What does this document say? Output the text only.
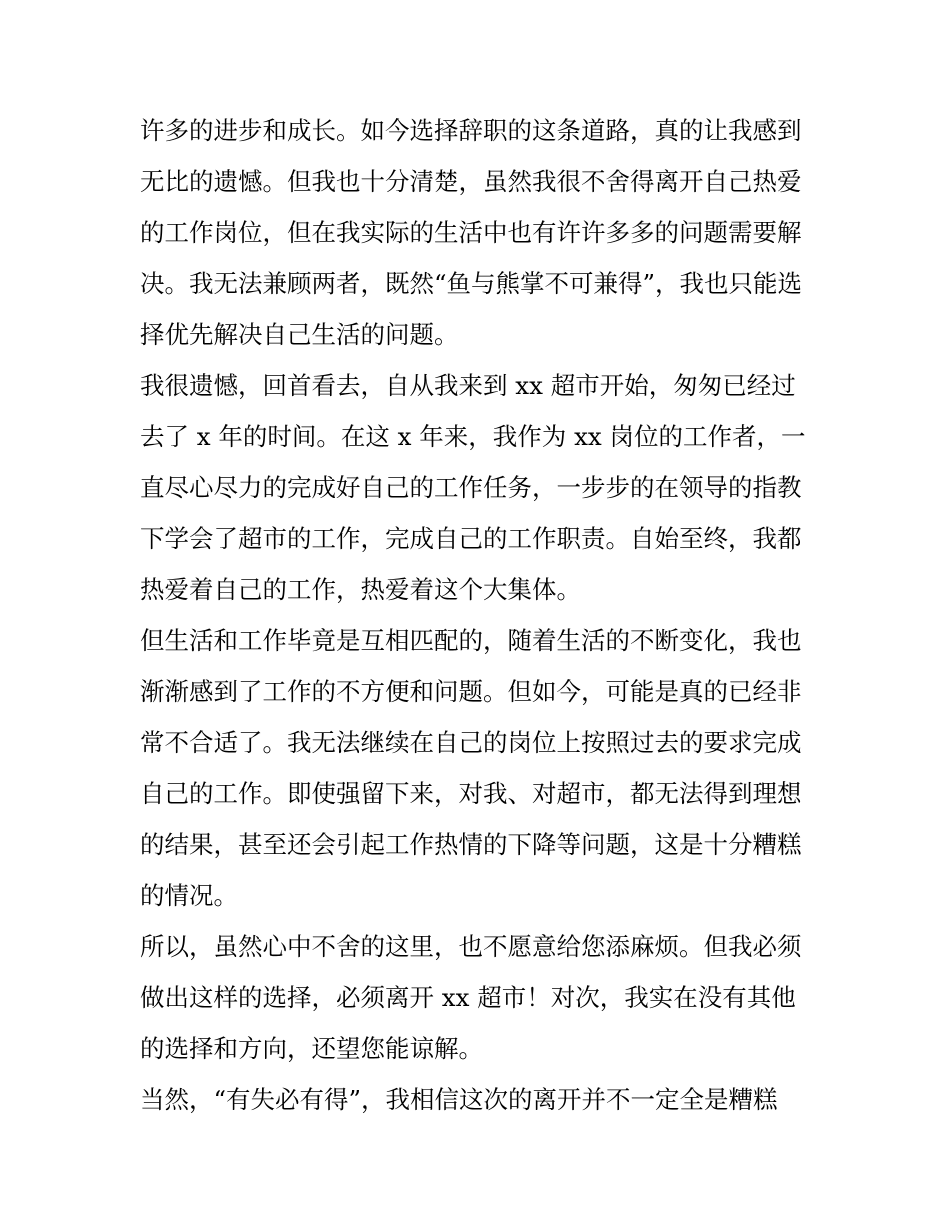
许多的进步和成长。如今选择辞职的这条道路，真的让我感到
无比的遗憾。但我也十分清楚，虽然我很不舍得离开自己热爱
的工作岗位，但在我实际的生活中也有许许多多的问题需要解
决。我无法兼顾两者，既然“鱼与熊掌不可兼得”，我也只能选
择优先解决自己生活的问题。
我很遗憾，回首看去，自从我来到 xx 超市开始，匆匆已经过
去了 x 年的时间。在这 x 年来，我作为 xx 岗位的工作者，一
直尽心尽力的完成好自己的工作任务，一步步的在领导的指教
下学会了超市的工作，完成自己的工作职责。自始至终，我都
热爱着自己的工作，热爱着这个大集体。
但生活和工作毕竟是互相匹配的，随着生活的不断变化，我也
渐渐感到了工作的不方便和问题。但如今，可能是真的已经非
常不合适了。我无法继续在自己的岗位上按照过去的要求完成
自己的工作。即使强留下来，对我、对超市，都无法得到理想
的结果，甚至还会引起工作热情的下降等问题，这是十分糟糕
的情况。
所以，虽然心中不舍的这里，也不愿意给您添麻烦。但我必须
做出这样的选择，必须离开 xx 超市！对次，我实在没有其他
的选择和方向，还望您能谅解。
当然，“有失必有得”，我相信这次的离开并不一定全是糟糕
